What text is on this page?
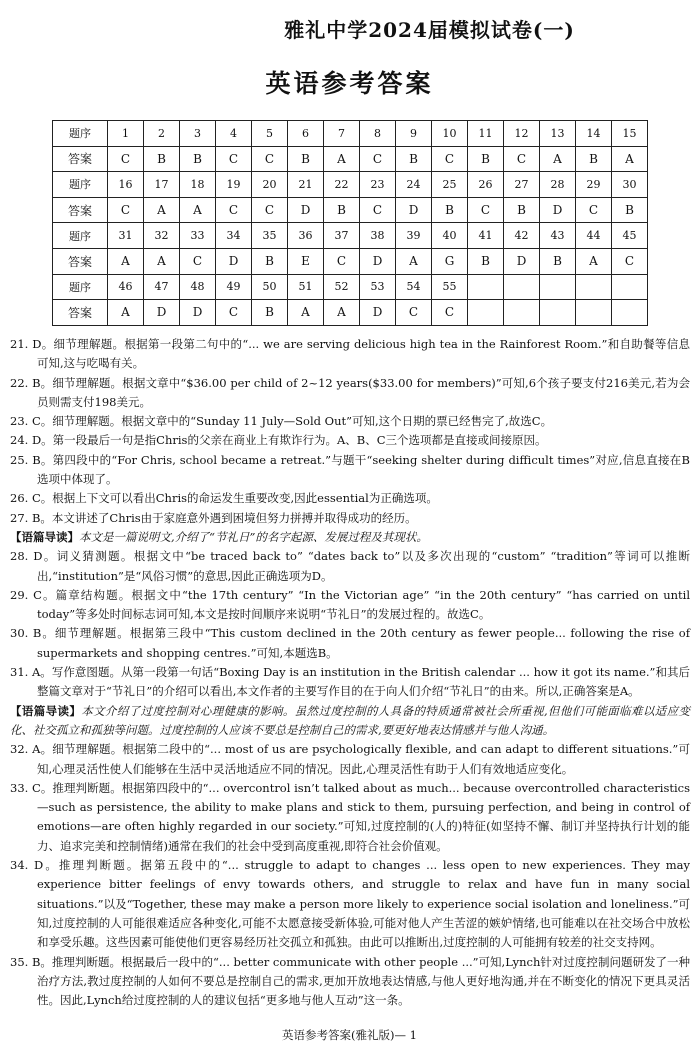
雅礼中学2024届模拟试卷(一)
英语参考答案
题序	1	2	3	4	5	6	7	8	9	10	11	12	13	14	15
答案	C	B	B	C	C	B	A	C	B	C	B	C	A	B	A
题序	16	17	18	19	20	21	22	23	24	25	26	27	28	29	30
答案	C	A	A	C	C	D	B	C	D	B	C	B	D	C	B
题序	31	32	33	34	35	36	37	38	39	40	41	42	43	44	45
答案	A	A	C	D	B	E	C	D	A	G	B	D	B	A	C
题序	46	47	48	49	50	51	52	53	54	55					
答案	A	D	D	C	B	A	A	D	C	C					

21. D。细节理解题。根据第一段第二句中的“... we are serving delicious high tea in the Rainforest Room.”和自助餐等信息可知,这与吃喝有关。

22. B。细节理解题。根据文章中“$36.00 per child of 2~12 years($33.00 for members)”可知,6个孩子要支付216美元,若为会员则需支付198美元。

23. C。细节理解题。根据文章中的“Sunday 11 July—Sold Out”可知,这个日期的票已经售完了,故选C。

24. D。第一段最后一句是指Chris的父亲在商业上有欺诈行为。A、B、C三个选项都是直接或间接原因。

25. B。第四段中的“For Chris, school became a retreat.”与题干“seeking shelter during difficult times”对应,信息直接在B选项中体现了。

26. C。根据上下文可以看出Chris的命运发生重要改变,因此essential为正确选项。

27. B。本文讲述了Chris由于家庭意外遇到困境但努力拼搏并取得成功的经历。

【语篇导读】本文是一篇说明文,介绍了“节礼日”的名字起源、发展过程及其现状。

28. D。词义猜测题。根据文中“be traced back to” “dates back to”以及多次出现的“custom” “tradition”等词可以推断出,“institution”是“风俗习惯”的意思,因此正确选项为D。

29. C。篇章结构题。根据文中“the 17th century” “In the Victorian age” “in the 20th century” “has carried on until today”等多处时间标志词可知,本文是按时间顺序来说明“节礼日”的发展过程的。故选C。

30. B。细节理解题。根据第三段中“This custom declined in the 20th century as fewer people... following the rise of supermarkets and shopping centres.”可知,本题选B。

31. A。写作意图题。从第一段第一句话“Boxing Day is an institution in the British calendar ... how it got its name.”和其后整篇文章对于“节礼日”的介绍可以看出,本文作者的主要写作目的在于向人们介绍“节礼日”的由来。所以,正确答案是A。

【语篇导读】本文介绍了过度控制对心理健康的影响。虽然过度控制的人具备的特质通常被社会所重视,但他们可能面临难以适应变化、社交孤立和孤独等问题。过度控制的人应该不要总是控制自己的需求,要更好地表达情感并与他人沟通。

32. A。细节理解题。根据第二段中的“... most of us are psychologically flexible, and can adapt to different situations.”可知,心理灵活性使人们能够在生活中灵活地适应不同的情况。因此,心理灵活性有助于人们有效地适应变化。

33. C。推理判断题。根据第四段中的“... overcontrol isn’t talked about as much... because overcontrolled characteristics—such as persistence, the ability to make plans and stick to them, pursuing perfection, and being in control of emotions—are often highly regarded in our society.”可知,过度控制的(人的)特征(如坚持不懈、制订并坚持执行计划的能力、追求完美和控制情绪)通常在我们的社会中受到高度重视,即符合社会价值观。

34. D。推理判断题。据第五段中的“... struggle to adapt to changes ... less open to new experiences. They may experience bitter feelings of envy towards others, and struggle to relax and have fun in many social situations.”以及“Together, these may make a person more likely to experience social isolation and loneliness.”可知,过度控制的人可能很难适应各种变化,可能不太愿意接受新体验,可能对他人产生苦涩的嫉妒情绪,也可能难以在社交场合中放松和享受乐趣。这些因素可能使他们更容易经历社交孤立和孤独。由此可以推断出,过度控制的人可能拥有较差的社交支持网。

35. B。推理判断题。根据最后一段中的“... better communicate with other people ...”可知,Lynch针对过度控制问题研发了一种治疗方法,教过度控制的人如何不要总是控制自己的需求,更加开放地表达情感,与他人更好地沟通,并在不断变化的情况下更具灵活性。因此,Lynch给过度控制的人的建议包括“更多地与他人互动”这一条。

英语参考答案(雅礼版)— 1
